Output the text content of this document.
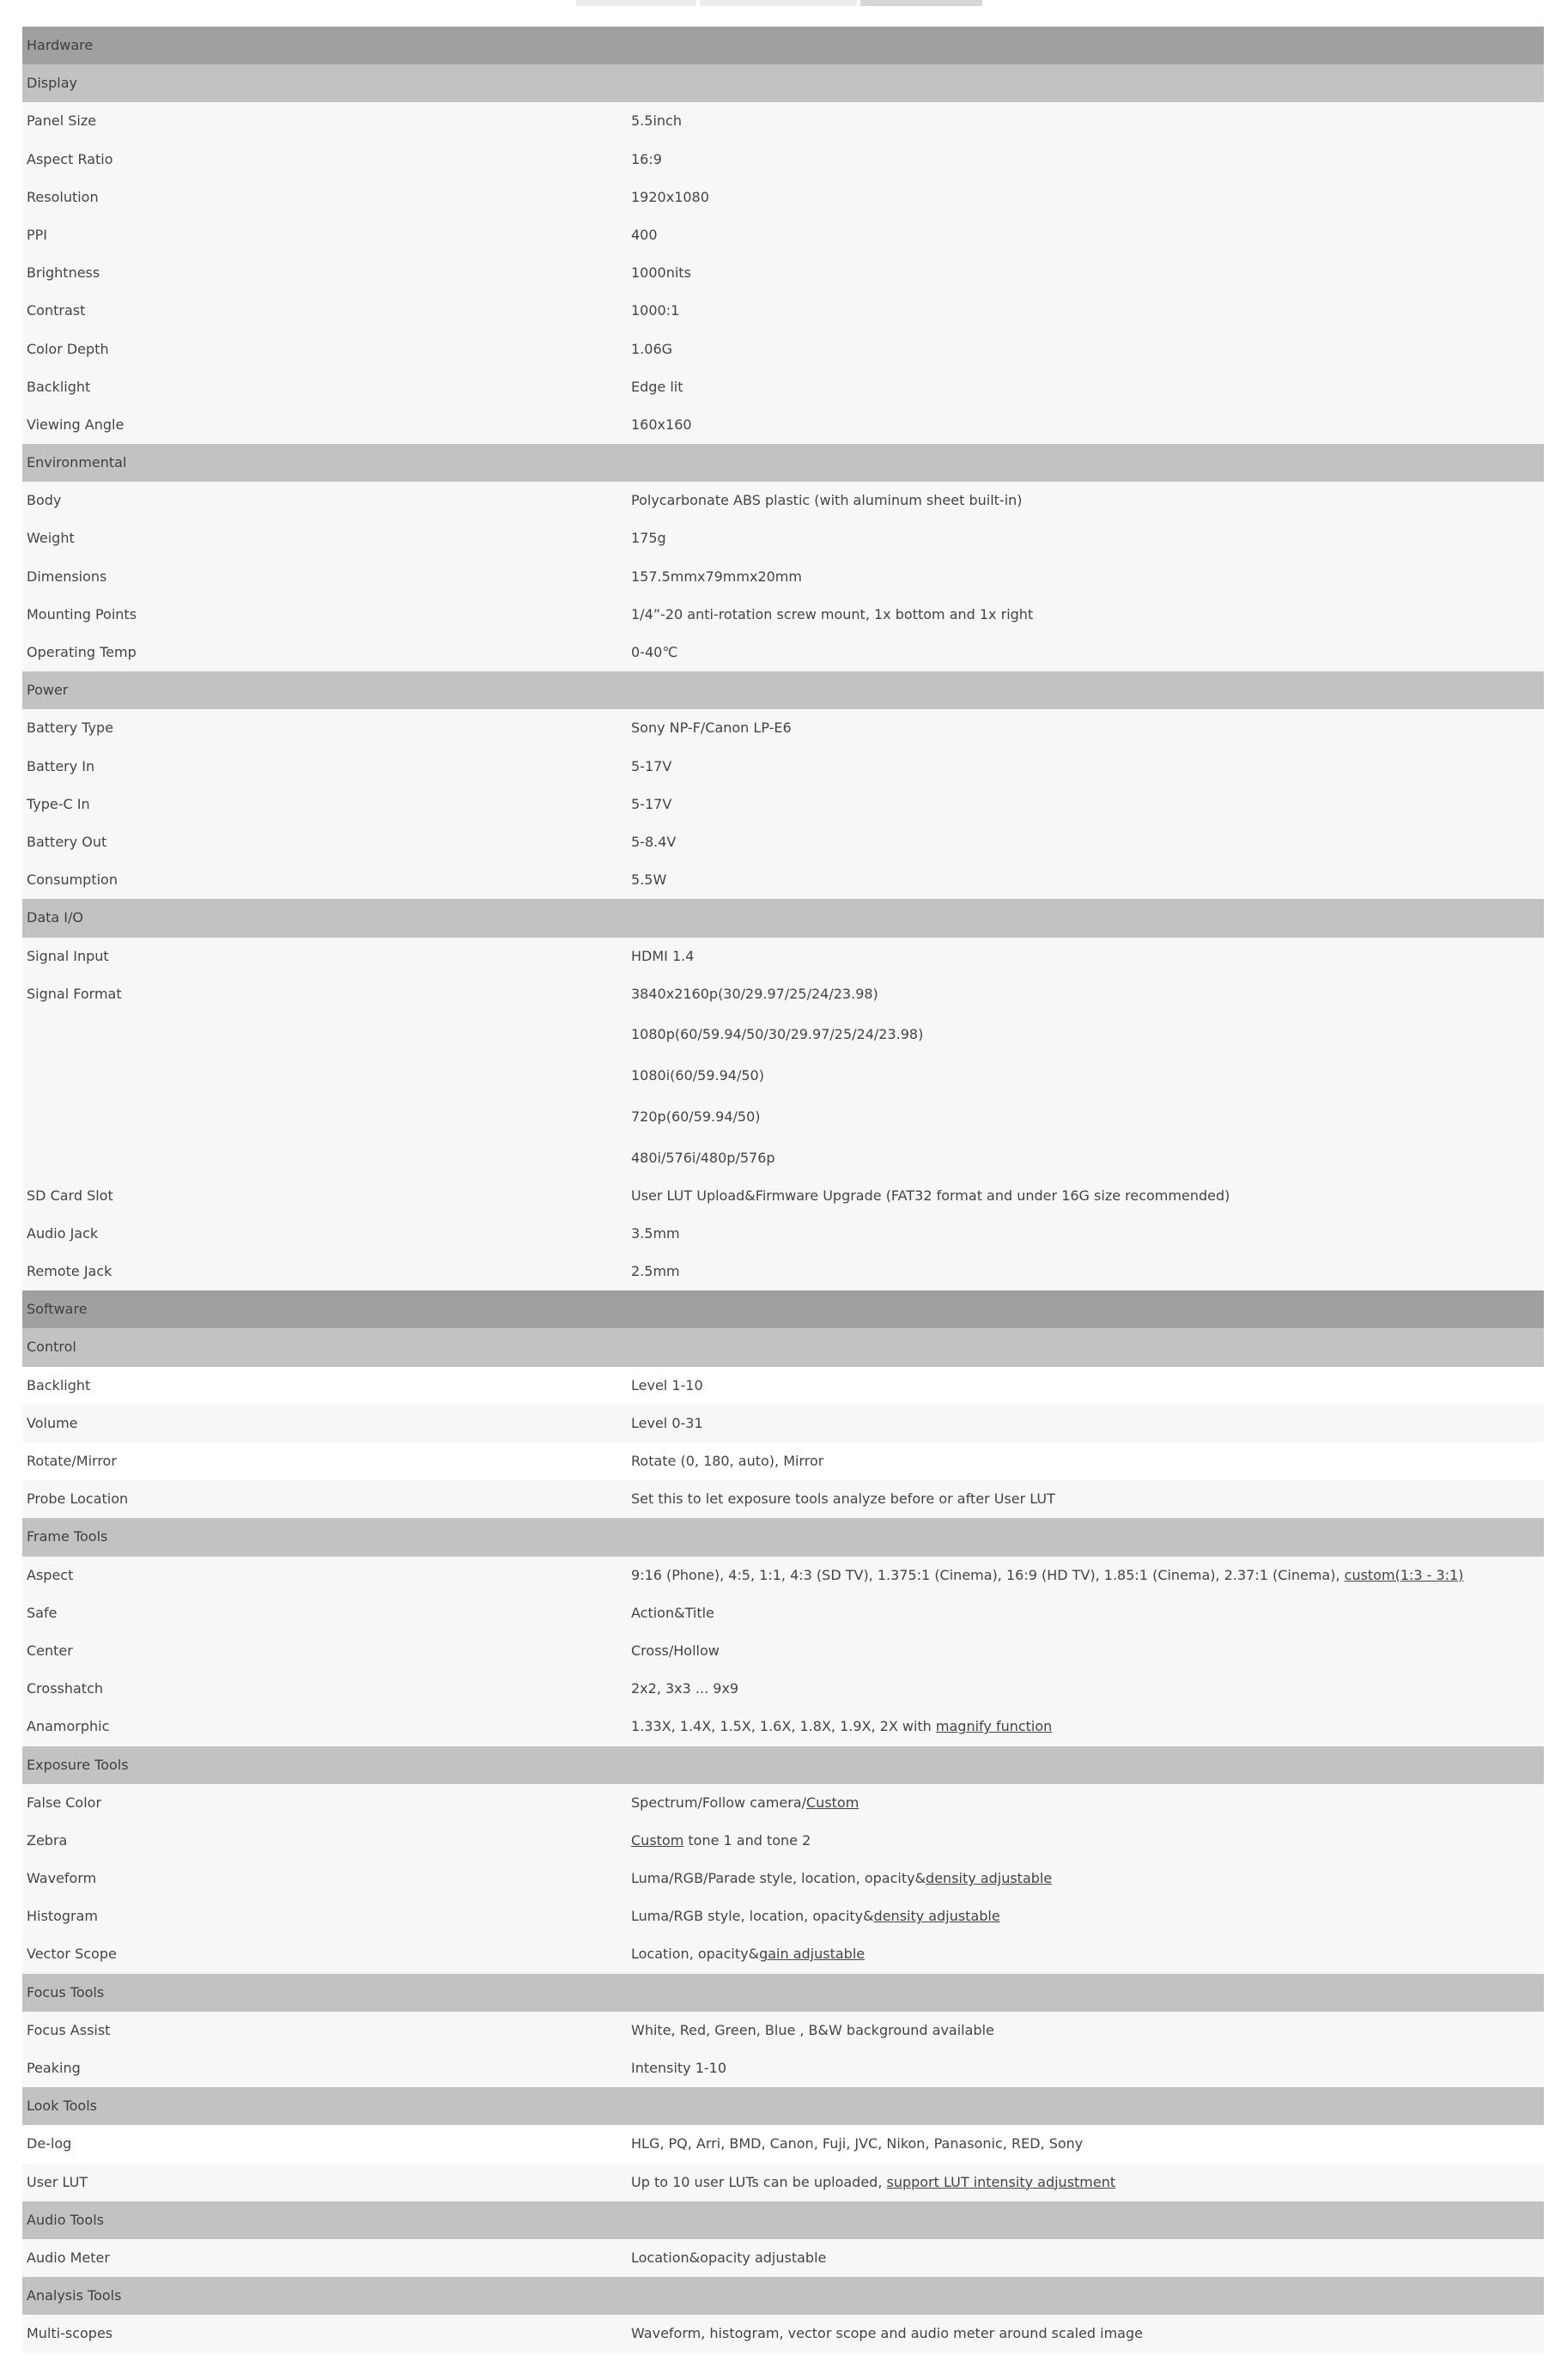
Hardware
Display
Panel Size	5.5inch
Aspect Ratio	16:9
Resolution	1920x1080
PPI	400
Brightness	1000nits
Contrast	1000:1
Color Depth	1.06G
Backlight	Edge lit
Viewing Angle	160x160
Environmental
Body	Polycarbonate ABS plastic (with aluminum sheet built-in)
Weight	175g
Dimensions	157.5mmx79mmx20mm
Mounting Points	1/4”-20 anti-rotation screw mount, 1x bottom and 1x right
Operating Temp	0-40℃
Power
Battery Type	Sony NP-F/Canon LP-E6
Battery In	5-17V
Type-C In	5-17V
Battery Out	5-8.4V
Consumption	5.5W
Data I/O
Signal Input	HDMI 1.4
Signal Format	3840x2160p(30/29.97/25/24/23.98)
1080p(60/59.94/50/30/29.97/25/24/23.98)
1080i(60/59.94/50)
720p(60/59.94/50)
480i/576i/480p/576p
SD Card Slot	User LUT Upload&Firmware Upgrade (FAT32 format and under 16G size recommended)
Audio Jack	3.5mm
Remote Jack	2.5mm
Software
Control
Backlight	Level 1-10
Volume	Level 0-31
Rotate/Mirror	Rotate (0, 180, auto), Mirror
Probe Location	Set this to let exposure tools analyze before or after User LUT
Frame Tools
Aspect	9:16 (Phone), 4:5, 1:1, 4:3 (SD TV), 1.375:1 (Cinema), 16:9 (HD TV), 1.85:1 (Cinema), 2.37:1 (Cinema), custom(1:3 - 3:1)
Safe	Action&Title
Center	Cross/Hollow
Crosshatch	2x2, 3x3 ... 9x9
Anamorphic	1.33X, 1.4X, 1.5X, 1.6X, 1.8X, 1.9X, 2X with magnify function
Exposure Tools
False Color	Spectrum/Follow camera/Custom
Zebra	Custom tone 1 and tone 2
Waveform	Luma/RGB/Parade style, location, opacity&density adjustable
Histogram	Luma/RGB style, location, opacity&density adjustable
Vector Scope	Location, opacity&gain adjustable
Focus Tools
Focus Assist	White, Red, Green, Blue , B&W background available
Peaking	Intensity 1-10
Look Tools
De-log	HLG, PQ, Arri, BMD, Canon, Fuji, JVC, Nikon, Panasonic, RED, Sony
User LUT	Up to 10 user LUTs can be uploaded, support LUT intensity adjustment
Audio Tools
Audio Meter	Location&opacity adjustable
Analysis Tools
Multi-scopes	Waveform, histogram, vector scope and audio meter around scaled image
